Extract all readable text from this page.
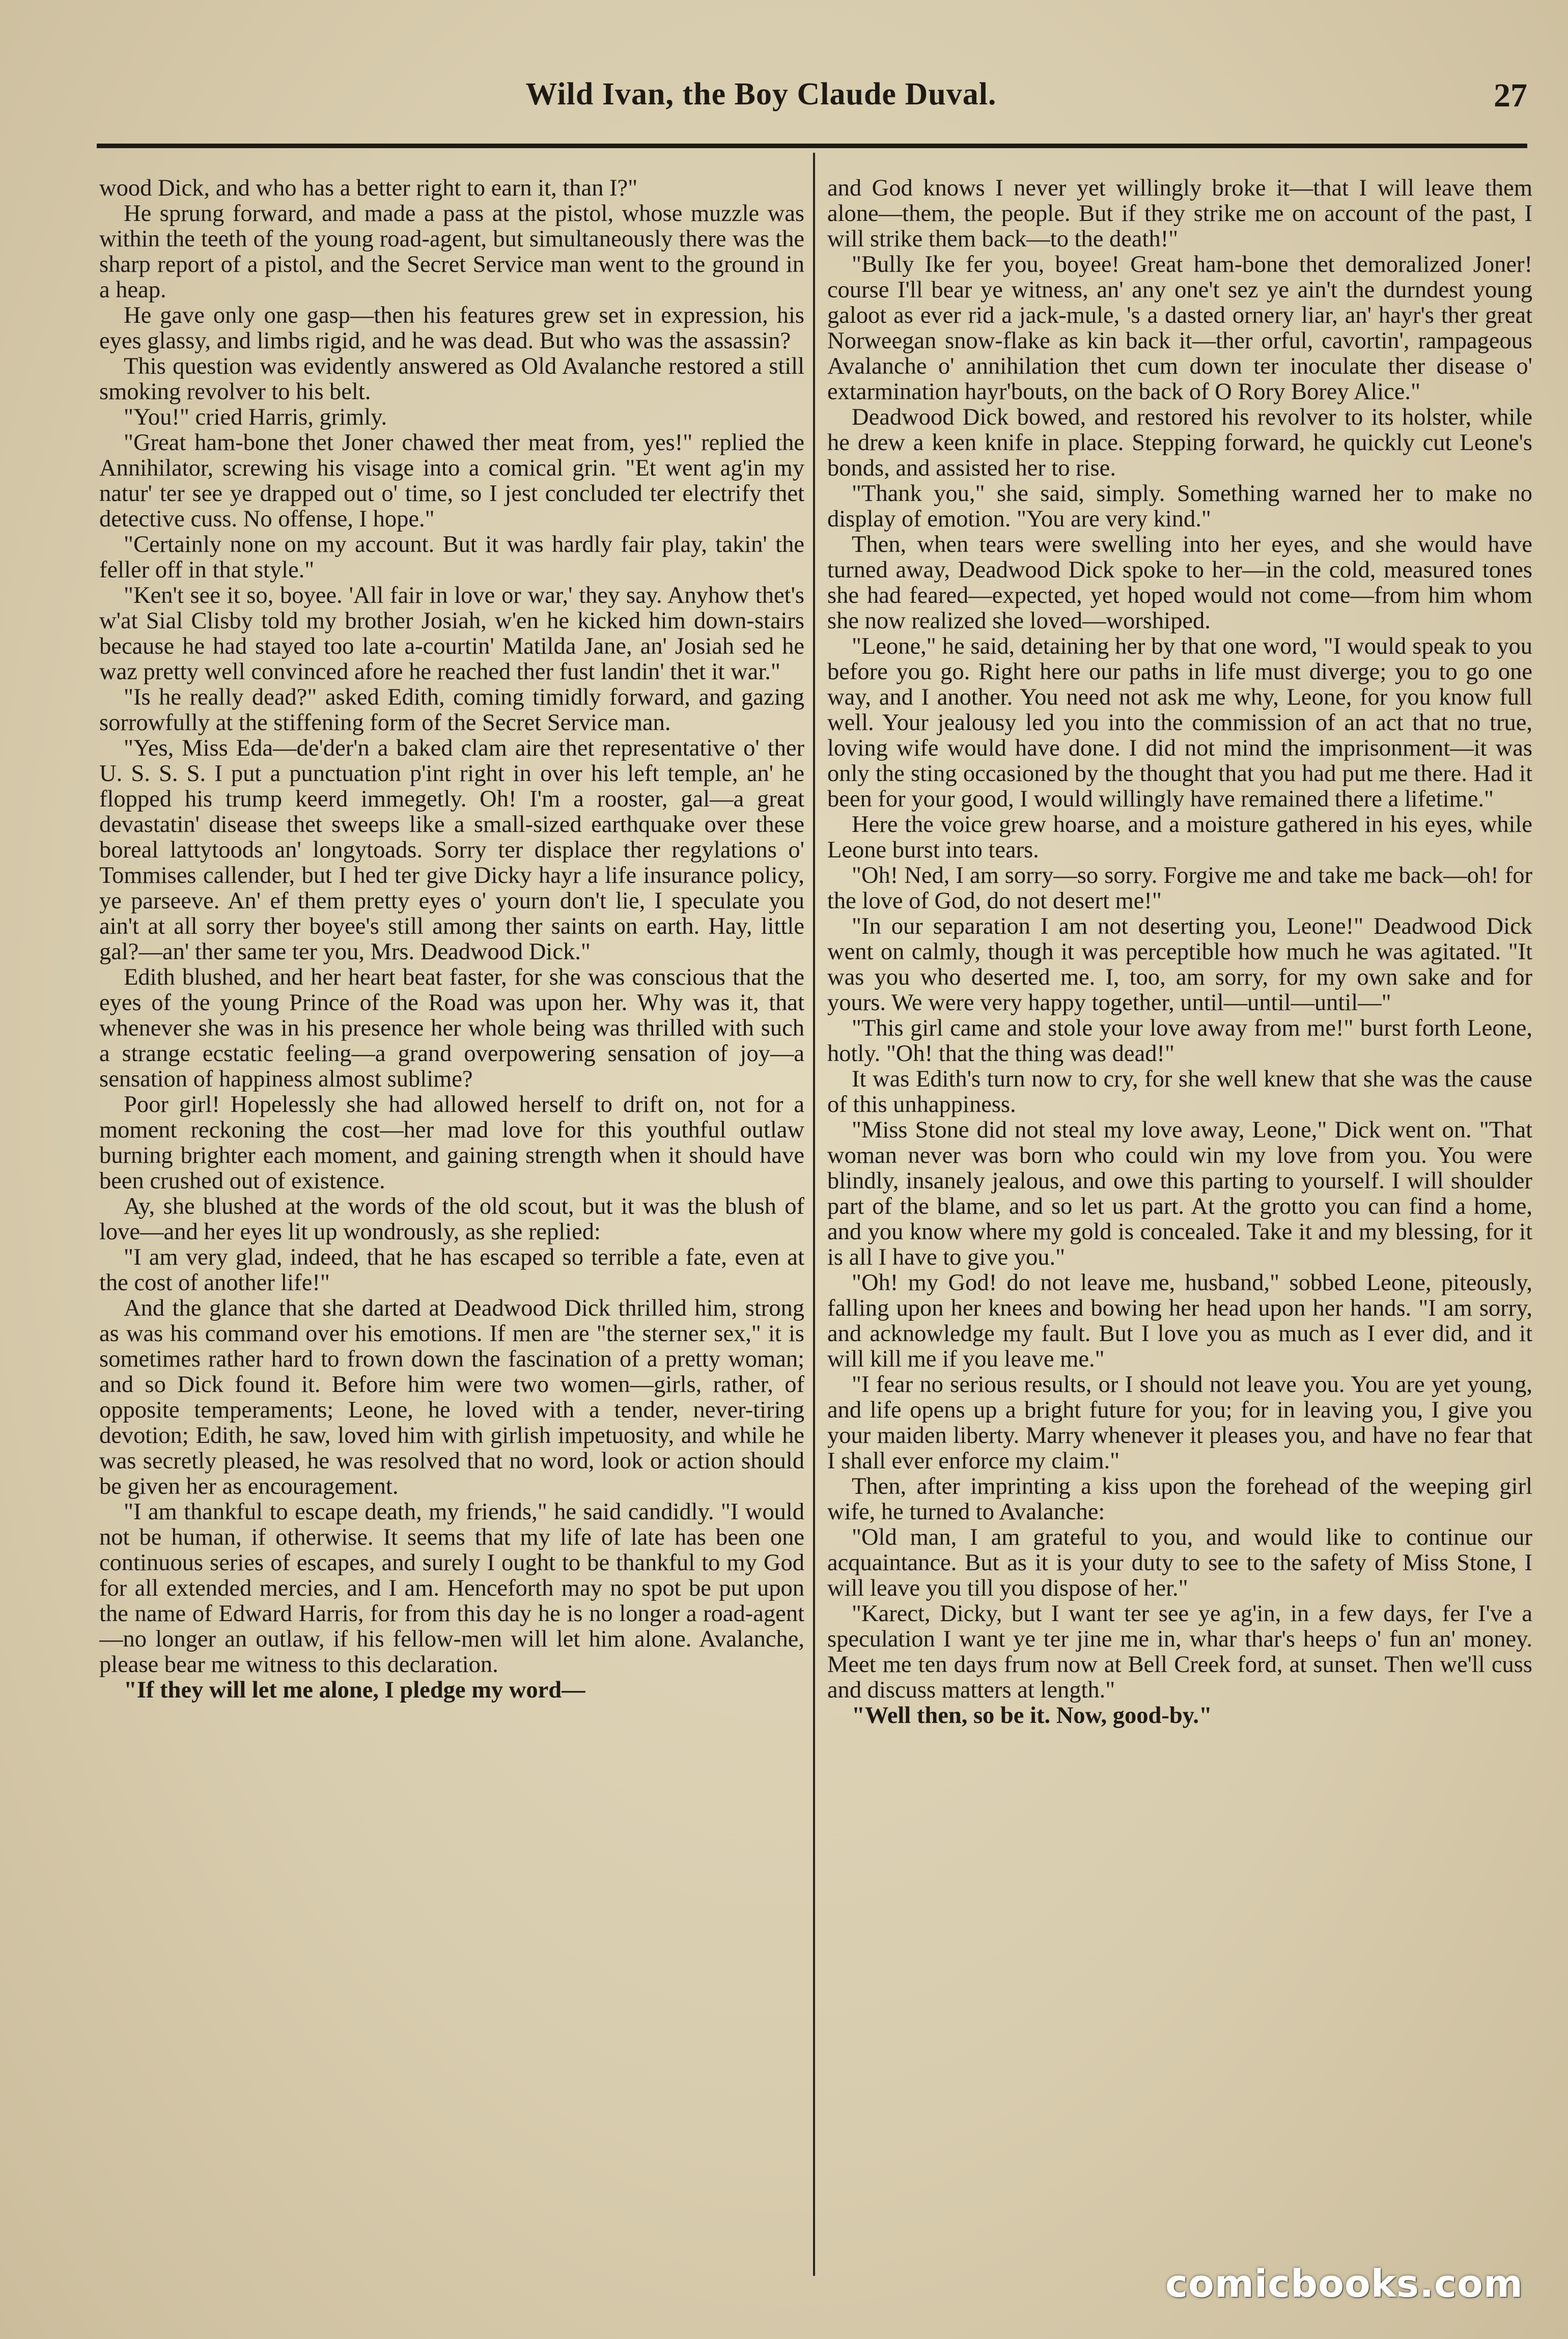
Wild Ivan, the Boy Claude Duval.	27

wood Dick, and who has a better right to earn it, than I?"

He sprung forward, and made a pass at the pistol, whose muzzle was within the teeth of the young road-agent, but simultaneously there was the sharp report of a pistol, and the Secret Service man went to the ground in a heap.

He gave only one gasp—then his features grew set in expression, his eyes glassy, and limbs rigid, and he was dead. But who was the assassin?

This question was evidently answered as Old Avalanche restored a still smoking revolver to his belt.

"You!" cried Harris, grimly.

"Great ham-bone thet Joner chawed ther meat from, yes!" replied the Annihilator, screwing his visage into a comical grin. "Et went ag'in my natur' ter see ye drapped out o' time, so I jest concluded ter electrify thet detective cuss. No offense, I hope."

"Certainly none on my account. But it was hardly fair play, takin' the feller off in that style."

"Ken't see it so, boyee. 'All fair in love or war,' they say. Anyhow thet's w'at Sial Clisby told my brother Josiah, w'en he kicked him down-stairs because he had stayed too late a-courtin' Matilda Jane, an' Josiah sed he waz pretty well convinced afore he reached ther fust landin' thet it war."

"Is he really dead?" asked Edith, coming timidly forward, and gazing sorrowfully at the stiffening form of the Secret Service man.

"Yes, Miss Eda—de'der'n a baked clam aire thet representative o' ther U. S. S. S. I put a punctuation p'int right in over his left temple, an' he flopped his trump keerd immegetly. Oh! I'm a rooster, gal—a great devastatin' disease thet sweeps like a small-sized earthquake over these boreal lattytoods an' longytoads. Sorry ter displace ther regylations o' Tommises callender, but I hed ter give Dicky hayr a life insurance policy, ye parseeve. An' ef them pretty eyes o' yourn don't lie, I speculate you ain't at all sorry ther boyee's still among ther saints on earth. Hay, little gal?—an' ther same ter you, Mrs. Deadwood Dick."

Edith blushed, and her heart beat faster, for she was conscious that the eyes of the young Prince of the Road was upon her. Why was it, that whenever she was in his presence her whole being was thrilled with such a strange ecstatic feeling—a grand overpowering sensation of joy—a sensation of happiness almost sublime?

Poor girl! Hopelessly she had allowed herself to drift on, not for a moment reckoning the cost—her mad love for this youthful outlaw burning brighter each moment, and gaining strength when it should have been crushed out of existence.

Ay, she blushed at the words of the old scout, but it was the blush of love—and her eyes lit up wondrously, as she replied:

"I am very glad, indeed, that he has escaped so terrible a fate, even at the cost of another life!"

And the glance that she darted at Deadwood Dick thrilled him, strong as was his command over his emotions. If men are "the sterner sex," it is sometimes rather hard to frown down the fascination of a pretty woman; and so Dick found it. Before him were two women—girls, rather, of opposite temperaments; Leone, he loved with a tender, never-tiring devotion; Edith, he saw, loved him with girlish impetuosity, and while he was secretly pleased, he was resolved that no word, look or action should be given her as encouragement.

"I am thankful to escape death, my friends," he said candidly. "I would not be human, if otherwise. It seems that my life of late has been one continuous series of escapes, and surely I ought to be thankful to my God for all extended mercies, and I am. Henceforth may no spot be put upon the name of Edward Harris, for from this day he is no longer a road-agent—no longer an outlaw, if his fellow-men will let him alone. Avalanche, please bear me witness to this declaration.

"If they will let me alone, I pledge my word—

and God knows I never yet willingly broke it—that I will leave them alone—them, the people. But if they strike me on account of the past, I will strike them back—to the death!"

"Bully Ike fer you, boyee! Great ham-bone thet demoralized Joner! course I'll bear ye witness, an' any one't sez ye ain't the durndest young galoot as ever rid a jack-mule, 's a dasted ornery liar, an' hayr's ther great Norweegan snow-flake as kin back it—ther orful, cavortin', rampageous Avalanche o' annihilation thet cum down ter inoculate ther disease o' extarmination hayr'bouts, on the back of O Rory Borey Alice."

Deadwood Dick bowed, and restored his revolver to its holster, while he drew a keen knife in place. Stepping forward, he quickly cut Leone's bonds, and assisted her to rise.

"Thank you," she said, simply. Something warned her to make no display of emotion. "You are very kind."

Then, when tears were swelling into her eyes, and she would have turned away, Deadwood Dick spoke to her—in the cold, measured tones she had feared—expected, yet hoped would not come—from him whom she now realized she loved—worshiped.

"Leone," he said, detaining her by that one word, "I would speak to you before you go. Right here our paths in life must diverge; you to go one way, and I another. You need not ask me why, Leone, for you know full well. Your jealousy led you into the commission of an act that no true, loving wife would have done. I did not mind the imprisonment—it was only the sting occasioned by the thought that you had put me there. Had it been for your good, I would willingly have remained there a lifetime."

Here the voice grew hoarse, and a moisture gathered in his eyes, while Leone burst into tears.

"Oh! Ned, I am sorry—so sorry. Forgive me and take me back—oh! for the love of God, do not desert me!"

"In our separation I am not deserting you, Leone!" Deadwood Dick went on calmly, though it was perceptible how much he was agitated. "It was you who deserted me. I, too, am sorry, for my own sake and for yours. We were very happy together, until—until—until—"

"This girl came and stole your love away from me!" burst forth Leone, hotly. "Oh! that the thing was dead!"

It was Edith's turn now to cry, for she well knew that she was the cause of this unhappiness.

"Miss Stone did not steal my love away, Leone," Dick went on. "That woman never was born who could win my love from you. You were blindly, insanely jealous, and owe this parting to yourself. I will shoulder part of the blame, and so let us part. At the grotto you can find a home, and you know where my gold is concealed. Take it and my blessing, for it is all I have to give you."

"Oh! my God! do not leave me, husband," sobbed Leone, piteously, falling upon her knees and bowing her head upon her hands. "I am sorry, and acknowledge my fault. But I love you as much as I ever did, and it will kill me if you leave me."

"I fear no serious results, or I should not leave you. You are yet young, and life opens up a bright future for you; for in leaving you, I give you your maiden liberty. Marry whenever it pleases you, and have no fear that I shall ever enforce my claim."

Then, after imprinting a kiss upon the forehead of the weeping girl wife, he turned to Avalanche:

"Old man, I am grateful to you, and would like to continue our acquaintance. But as it is your duty to see to the safety of Miss Stone, I will leave you till you dispose of her."

"Karect, Dicky, but I want ter see ye ag'in, in a few days, fer I've a speculation I want ye ter jine me in, whar thar's heeps o' fun an' money. Meet me ten days frum now at Bell Creek ford, at sunset. Then we'll cuss and discuss matters at length."

"Well then, so be it. Now, good-by."

comicbooks.com
